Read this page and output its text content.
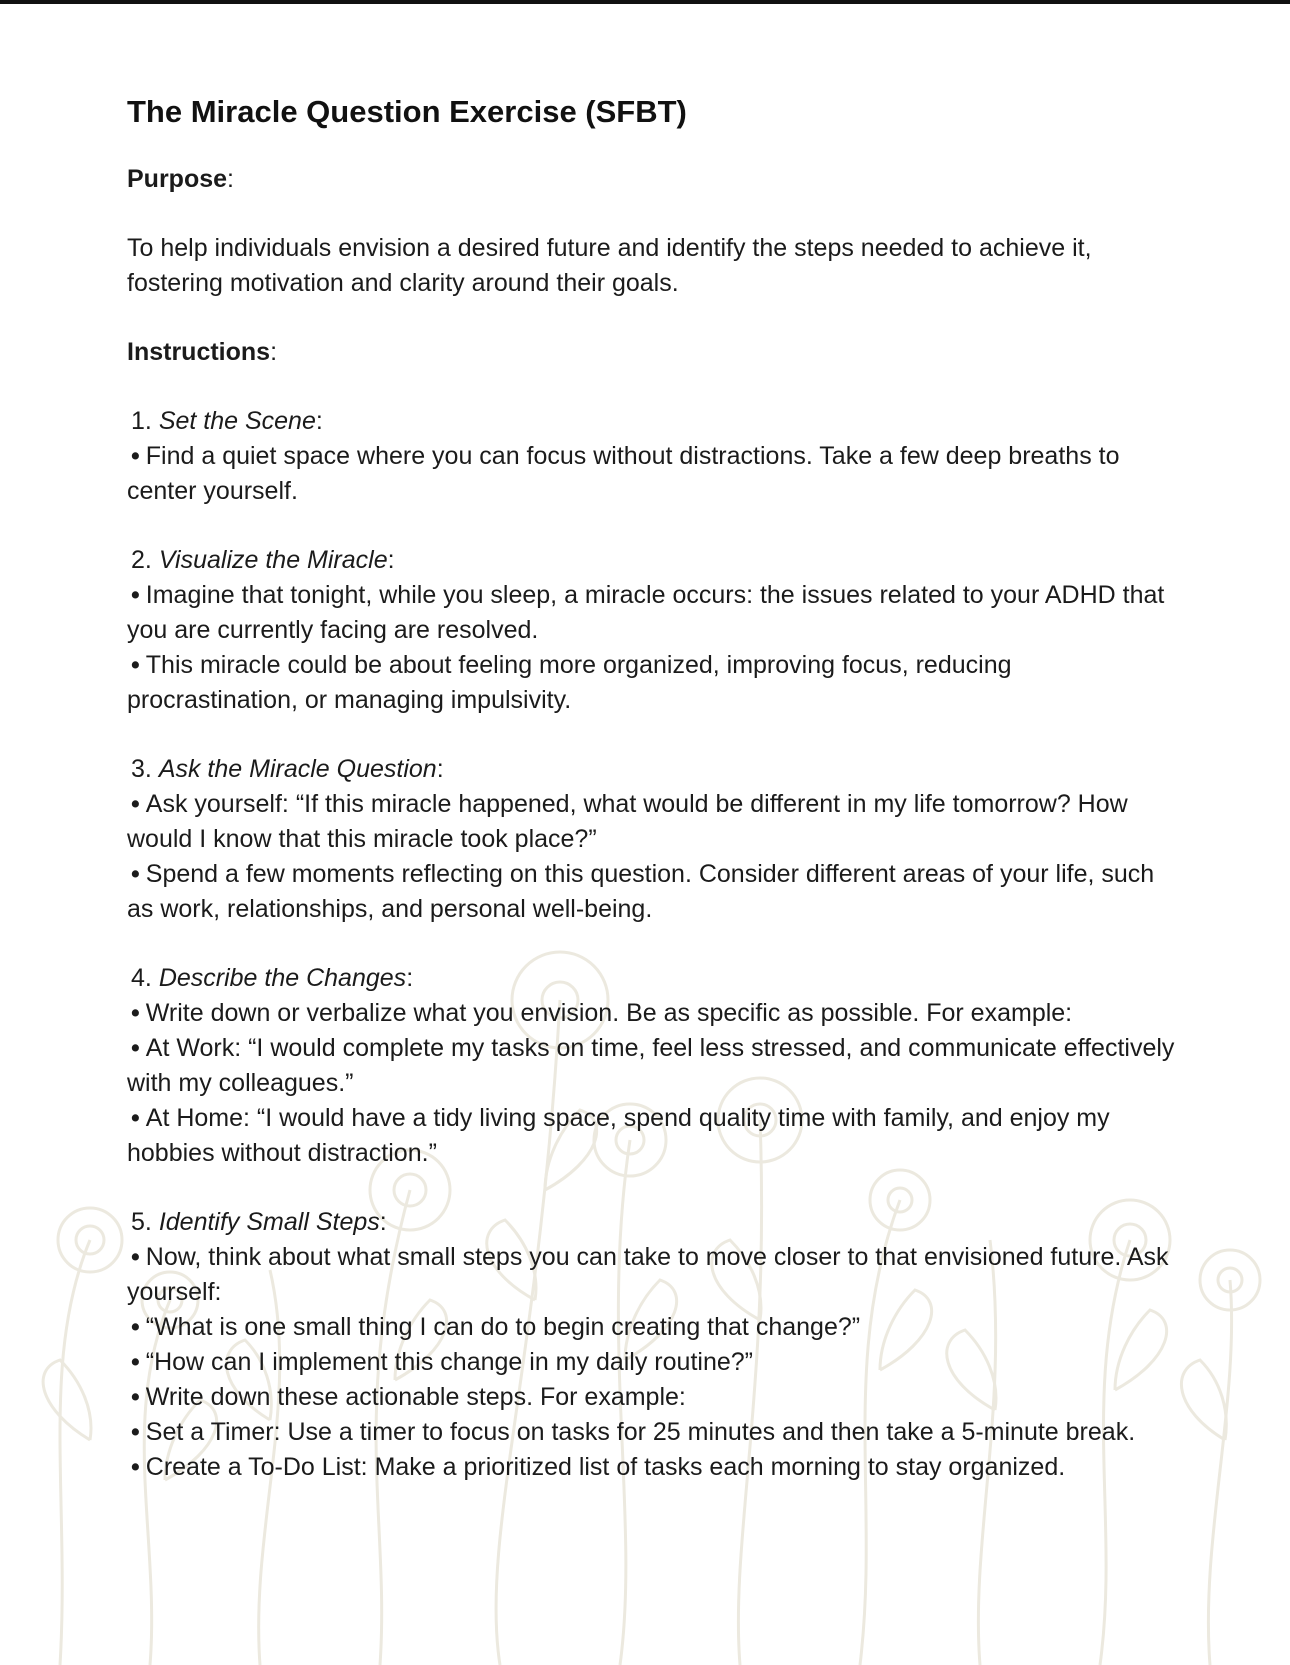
The Miracle Question Exercise (SFBT)

Purpose:

To help individuals envision a desired future and identify the steps needed to achieve it, fostering motivation and clarity around their goals.

Instructions:

1. Set the Scene:

• Find a quiet space where you can focus without distractions. Take a few deep breaths to center yourself.

2. Visualize the Miracle:

• Imagine that tonight, while you sleep, a miracle occurs: the issues related to your ADHD that you are currently facing are resolved.

• This miracle could be about feeling more organized, improving focus, reducing procrastination, or managing impulsivity.

3. Ask the Miracle Question:

• Ask yourself: “If this miracle happened, what would be different in my life tomorrow? How would I know that this miracle took place?”

• Spend a few moments reflecting on this question. Consider different areas of your life, such as work, relationships, and personal well-being.

4. Describe the Changes:

• Write down or verbalize what you envision. Be as specific as possible. For example:

• At Work: “I would complete my tasks on time, feel less stressed, and communicate effectively with my colleagues.”

• At Home: “I would have a tidy living space, spend quality time with family, and enjoy my hobbies without distraction.”

5. Identify Small Steps:

• Now, think about what small steps you can take to move closer to that envisioned future. Ask yourself:

• “What is one small thing I can do to begin creating that change?”

• “How can I implement this change in my daily routine?”

• Write down these actionable steps. For example:

• Set a Timer: Use a timer to focus on tasks for 25 minutes and then take a 5-minute break.

• Create a To-Do List: Make a prioritized list of tasks each morning to stay organized.
